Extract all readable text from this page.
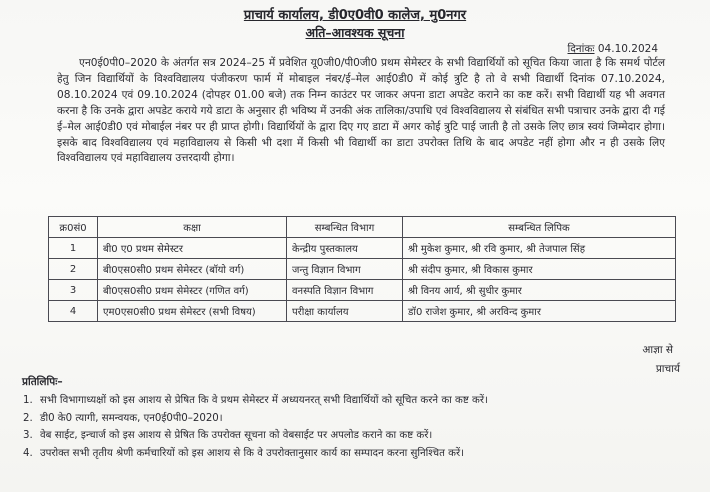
प्राचार्य कार्यालय, डी0ए0वी0 कालेज, मु0नगर
अति–आवश्यक सूचना
दिनांकः 04.10.2024
एन0ई0पी0–2020 के अंतर्गत सत्र 2024–25 में प्रवेशित यू0जी0/पी0जी0 प्रथम सेमेस्टर के सभी विद्यार्थियों को सूचित किया जाता है कि समर्थ पोर्टल हेतु जिन विद्यार्थियों के विश्वविद्यालय पंजीकरण फार्म में मोबाइल नंबर/ई–मेल आई0डी0 में कोई त्रुटि है तो वे सभी विद्यार्थी दिनांक 07.10.2024, 08.10.2024 एवं 09.10.2024 (दोपहर 01.00 बजे) तक निम्न काउंटर पर जाकर अपना डाटा अपडेट कराने का कष्ट करें। सभी विद्यार्थी यह भी अवगत करना है कि उनके द्वारा अपडेट कराये गये डाटा के अनुसार ही भविष्य में उनकी अंक तालिका/उपाधि एवं विश्वविद्यालय से संबंधित सभी पत्राचार उनके द्वारा दी गई ई–मेल आई0डी0 एवं मोबाईल नंबर पर ही प्राप्त होगी। विद्यार्थियों के द्वारा दिए गए डाटा में अगर कोई त्रुटि पाई जाती है तो उसके लिए छात्र स्वयं जिम्मेदार होगा। इसके बाद विश्वविद्यालय एवं महाविद्यालय से किसी भी दशा में किसी भी विद्यार्थी का डाटा उपरोक्त तिथि के बाद अपडेट नहीं होगा और न ही उसके लिए विश्वविद्यालय एवं महाविद्यालय उत्तरदायी होगा।
क्र0सं0	कक्षा	सम्बन्धित विभाग	सम्बन्धित लिपिक
1	बी0 ए0 प्रथम सेमेस्टर	केन्द्रीय पुस्तकालय	श्री मुकेश कुमार, श्री रवि कुमार, श्री तेजपाल सिंह
2	बी0एस0सी0 प्रथम सेमेस्टर (बॉयो वर्ग)	जन्तु विज्ञान विभाग	श्री संदीप कुमार, श्री विकास कुमार
3	बी0एस0सी0 प्रथम सेमेस्टर (गणित वर्ग)	वनस्पति विज्ञान विभाग	श्री विनय आर्य, श्री सुधीर कुमार
4	एम0एस0सी0 प्रथम सेमेस्टर (सभी विषय)	परीक्षा कार्यालय	डॉ0 राजेश कुमार, श्री अरविन्द कुमार
आज्ञा से
प्राचार्य
प्रतिलिपिः–
1. सभी विभागाध्यक्षों को इस आशय से प्रेषित कि वे प्रथम सेमेस्टर में अध्ययनरत् सभी विद्यार्थियों को सूचित करने का कष्ट करें।
2. डी0 के0 त्यागी, समन्वयक, एन0ई0पी0–2020।
3. वेब साईट, इन्चार्ज को इस आशय से प्रेषित कि उपरोक्त सूचना को वेबसाईट पर अपलोड कराने का कष्ट करें।
4. उपरोक्त सभी तृतीय श्रेणी कर्मचारियों को इस आशय से कि वे उपरोक्तानुसार कार्य का सम्पादन करना सुनिश्चित करें।
